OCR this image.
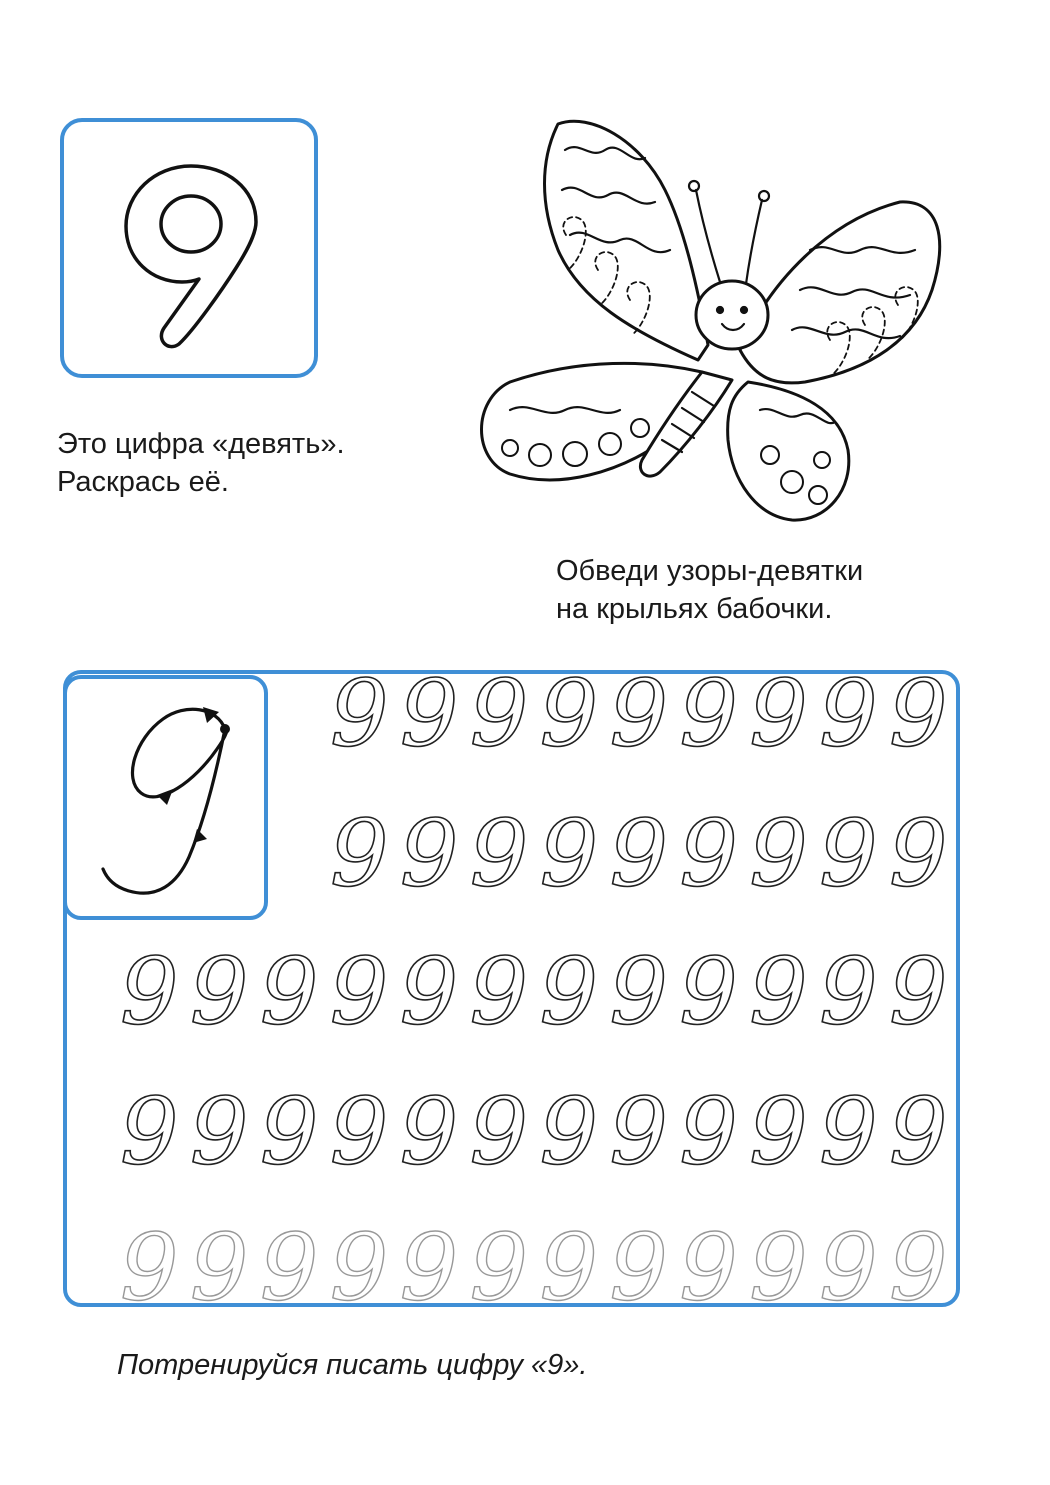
Это цифра «девять».
Раскрась её.

Обведи узоры-девятки
на крыльях бабочки.

9 9 9 9 9 9 9 9 9
9 9 9 9 9 9 9 9 9
9 9 9 9 9 9 9 9 9 9 9 9
9 9 9 9 9 9 9 9 9 9 9 9
9 9 9 9 9 9 9 9 9 9 9 9

Потренируйся писать цифру «9».
